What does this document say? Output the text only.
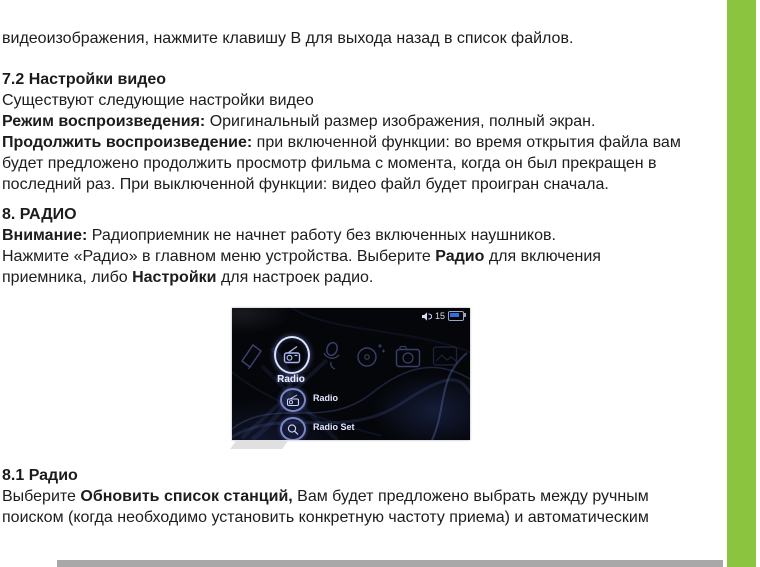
видеоизображения, нажмите клавишу В для выхода назад в список файлов.
7.2 Настройки видео
Существуют следующие настройки видео
Режим воспроизведения: Оригинальный размер изображения, полный экран.
Продолжить воспроизведение: при включенной функции: во время открытия файла вам
будет предложено продолжить просмотр фильма с момента, когда он был прекращен в
последний раз. При выключенной функции: видео файл будет проигран сначала.
8. РАДИО
Внимание: Радиоприемник не начнет работу без включенных наушников.
Нажмите «Радио» в главном меню устройства. Выберите Радио для включения
приемника, либо Настройки для настроек радио.
15
Radio
Radio
Radio Set
8.1 Радио
Выберите Обновить список станций, Вам будет предложено выбрать между ручным
поиском (когда необходимо установить конкретную частоту приема) и автоматическим
